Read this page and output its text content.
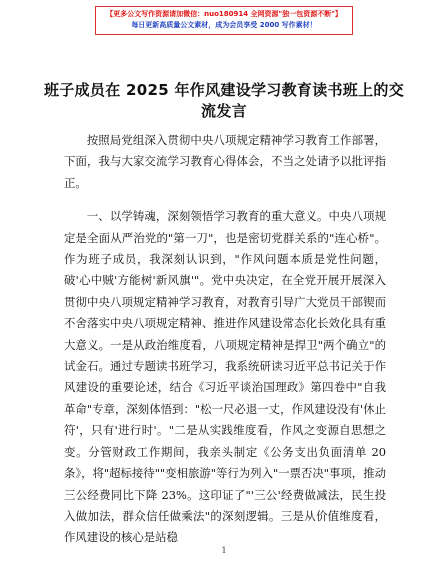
【更多公文写作资源请加微信：nuo180914 全网资源"独一包资源不断"】
每日更新高质量公文素材，成为会员享受 2000 写作素材！
班子成员在 2025 年作风建设学习教育读书班上的交流发言

按照局党组深入贯彻中央八项规定精神学习教育工作部署，下面，我与大家交流学习教育心得体会，不当之处请予以批评指正。

一、以学铸魂，深刻领悟学习教育的重大意义。中央八项规定是全面从严治党的"第一刀"，也是密切党群关系的"连心桥"。作为班子成员，我深刻认识到，"作风问题本质是党性问题，破'心中贼'方能树'新风旗'"。党中央决定，在全党开展开展深入贯彻中央八项规定精神学习教育，对教育引导广大党员干部锲而不舍落实中央八项规定精神、推进作风建设常态化长效化具有重大意义。一是从政治维度看，八项规定精神是捍卫"两个确立"的试金石。通过专题读书班学习，我系统研读习近平总书记关于作风建设的重要论述，结合《习近平谈治国理政》第四卷中"自我革命"专章，深刻体悟到："松一尺必退一丈，作风建设没有'休止符'，只有'进行时'。"二是从实践维度看，作风之变源自思想之变。分管财政工作期间，我亲头制定《公务支出负面清单 20 条》，将"超标接待""变相旅游"等行为列入"一票否决"事项，推动三公经费同比下降 23%。这印证了"'三公'经费做减法，民生投入做加法，群众信任做乘法"的深刻逻辑。三是从价值维度看，作风建设的核心是站稳

1
